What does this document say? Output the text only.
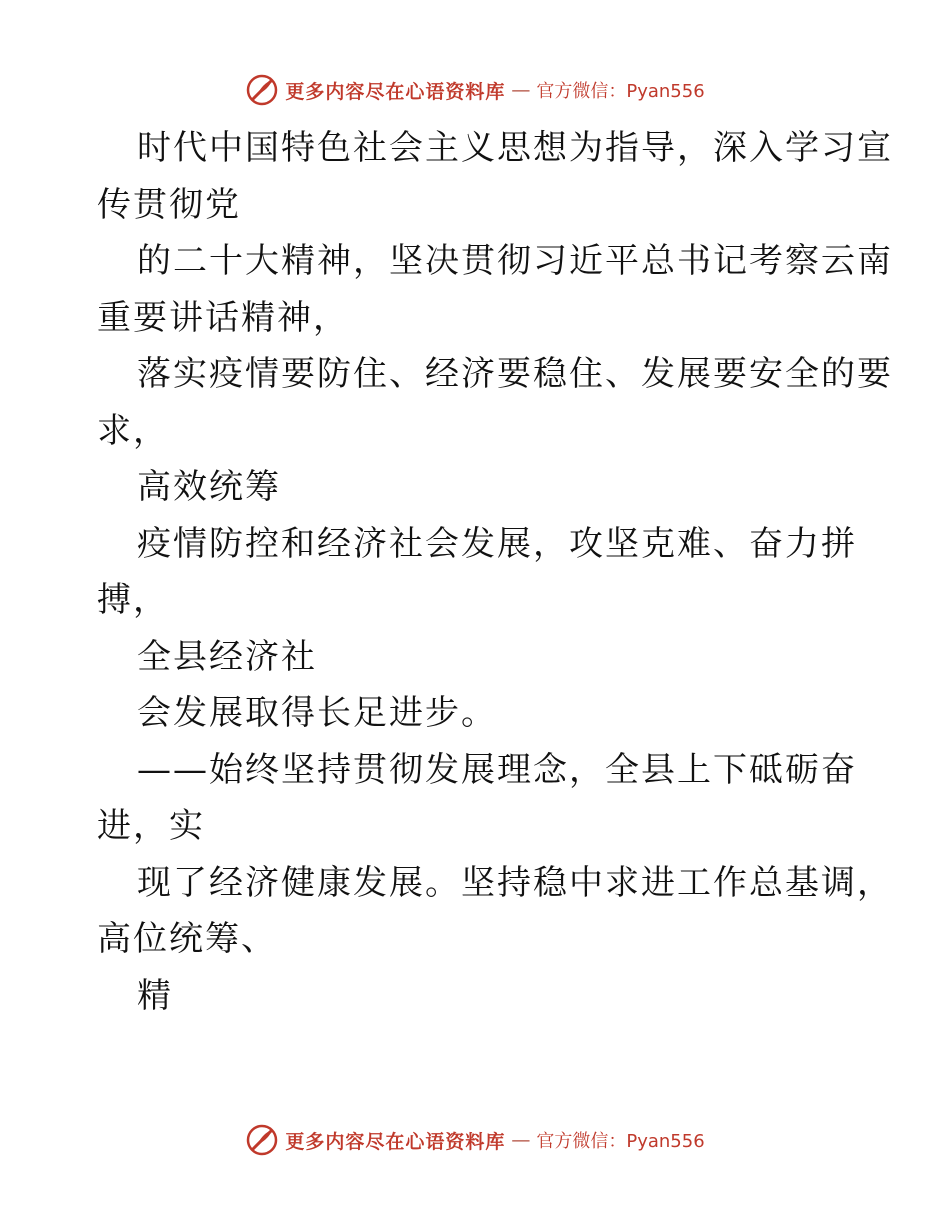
更多内容尽在心语资料库 — 官方微信：Pyan556
时代中国特色社会主义思想为指导，深入学习宣
传贯彻党
的二十大精神，坚决贯彻习近平总书记考察云南
重要讲话精神，
落实疫情要防住、经济要稳住、发展要安全的要
求，
高效统筹
疫情防控和经济社会发展，攻坚克难、奋力拼
搏，
全县经济社
会发展取得长足进步。
——始终坚持贯彻发展理念，全县上下砥砺奋
进，实
现了经济健康发展。坚持稳中求进工作总基调，
高位统筹、
精
更多内容尽在心语资料库 — 官方微信：Pyan556
